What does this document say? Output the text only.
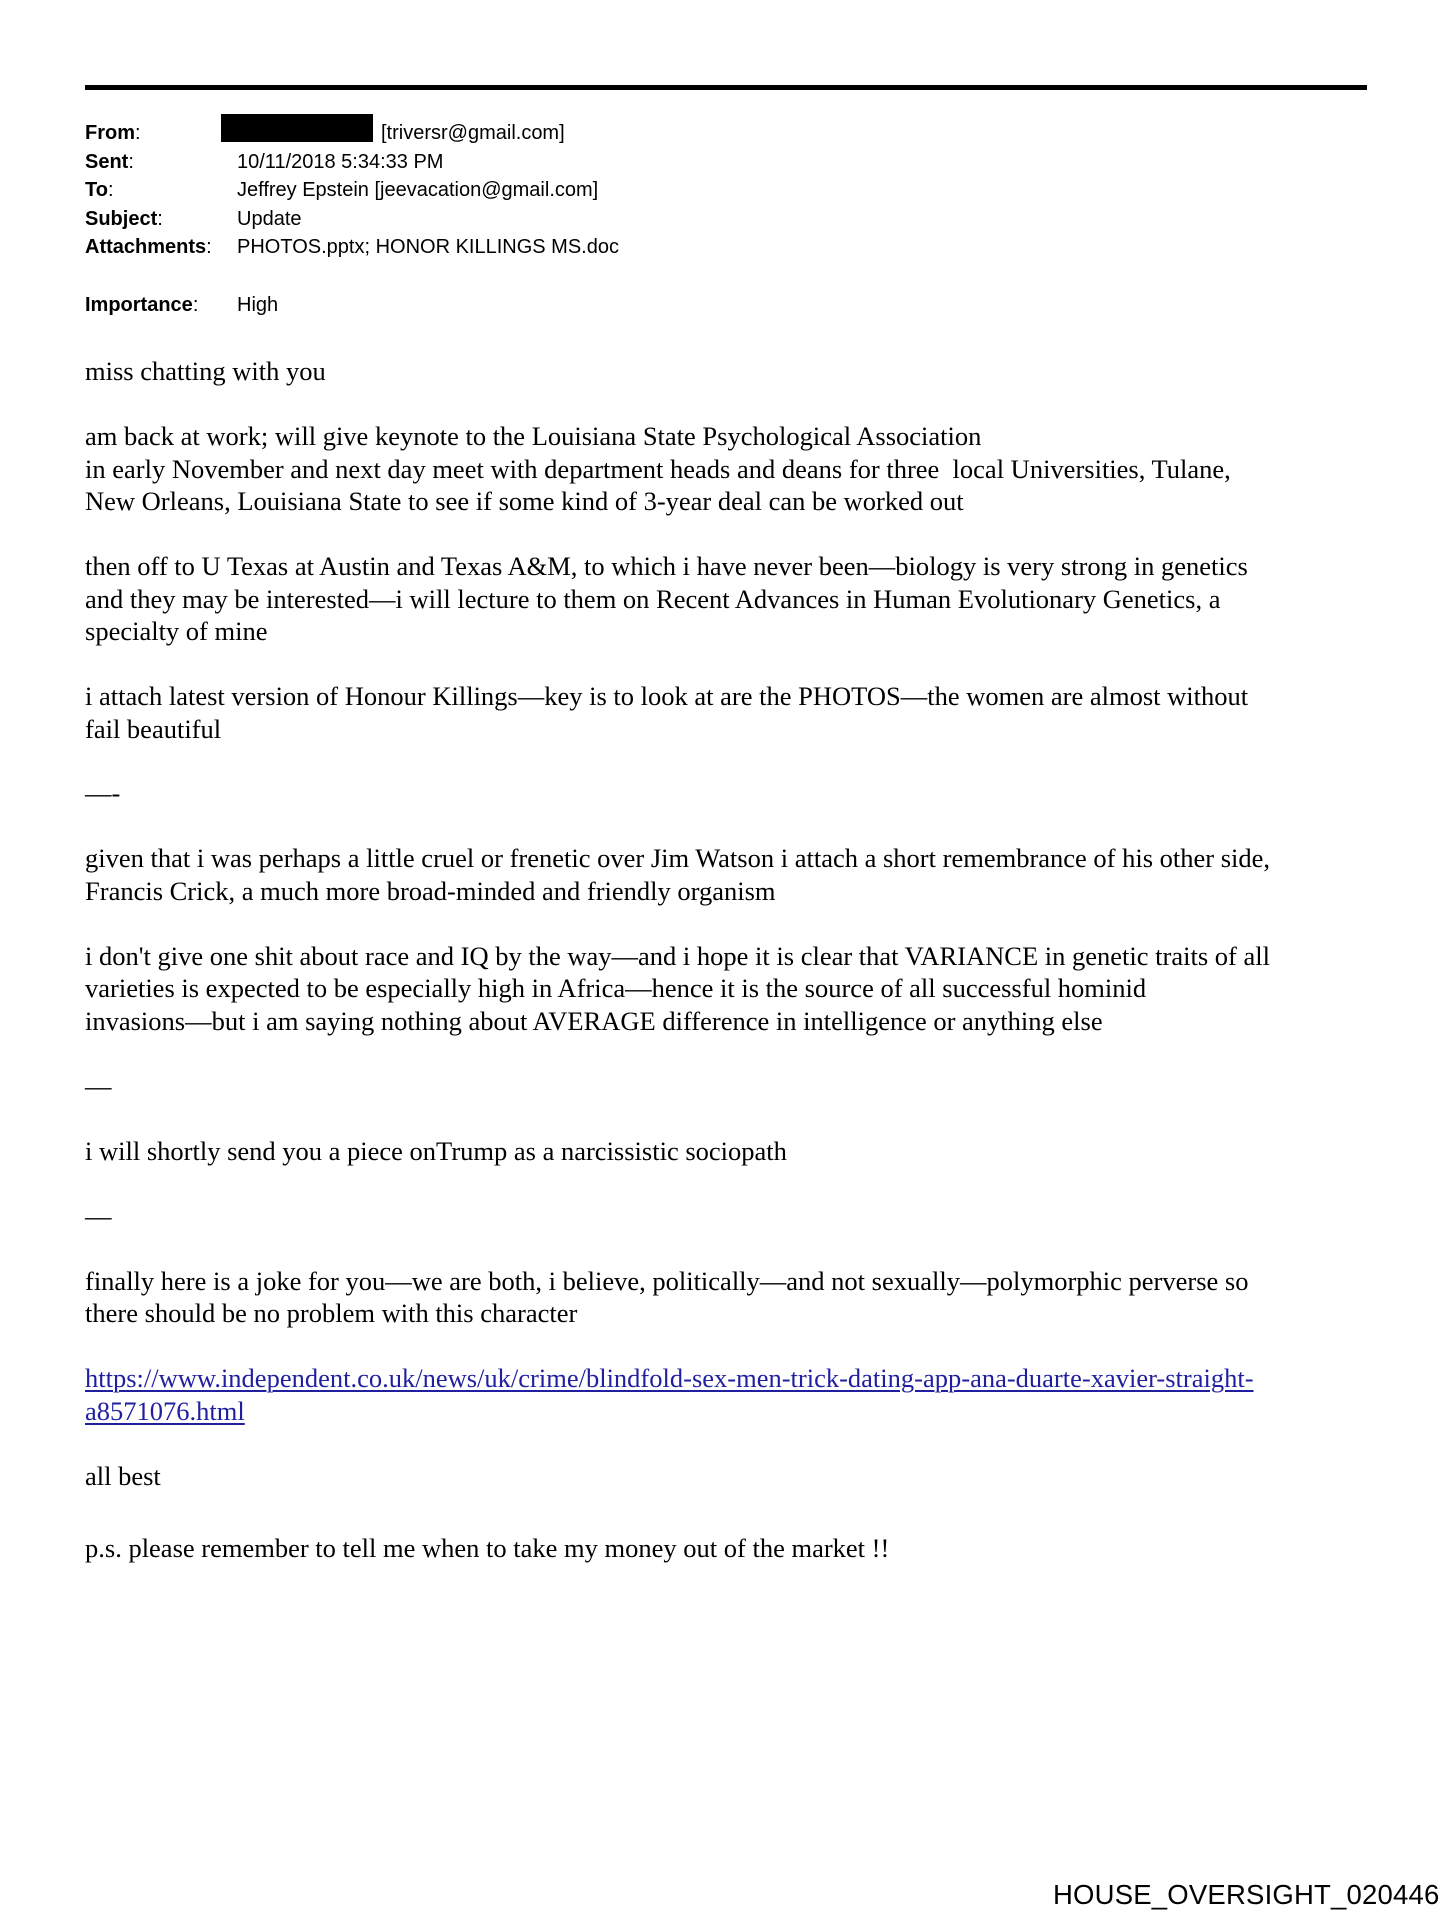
From:	[triversr@gmail.com]
Sent:	10/11/2018 5:34:33 PM
To:	Jeffrey Epstein [jeevacation@gmail.com]
Subject:	Update
Attachments: PHOTOS.pptx; HONOR KILLINGS MS.doc
Importance: High
miss chatting with you
am back at work; will give keynote to the Louisiana State Psychological Association
in early November and next day meet with department heads and deans for three  local Universities, Tulane,
New Orleans, Louisiana State to see if some kind of 3-year deal can be worked out
then off to U Texas at Austin and Texas A&M, to which i have never been—biology is very strong in genetics
and they may be interested—i will lecture to them on Recent Advances in Human Evolutionary Genetics, a
specialty of mine
i attach latest version of Honour Killings—key is to look at are the PHOTOS—the women are almost without
fail beautiful
—-
given that i was perhaps a little cruel or frenetic over Jim Watson i attach a short remembrance of his other side,
Francis Crick, a much more broad-minded and friendly organism
i don't give one shit about race and IQ by the way—and i hope it is clear that VARIANCE in genetic traits of all
varieties is expected to be especially high in Africa—hence it is the source of all successful hominid
invasions—but i am saying nothing about AVERAGE difference in intelligence or anything else
—
i will shortly send you a piece onTrump as a narcissistic sociopath
—
finally here is a joke for you—we are both, i believe, politically—and not sexually—polymorphic perverse so
there should be no problem with this character
https://www.independent.co.uk/news/uk/crime/blindfold-sex-men-trick-dating-app-ana-duarte-xavier-straight-
a8571076.html
all best
p.s. please remember to tell me when to take my money out of the market !!
HOUSE_OVERSIGHT_020446
